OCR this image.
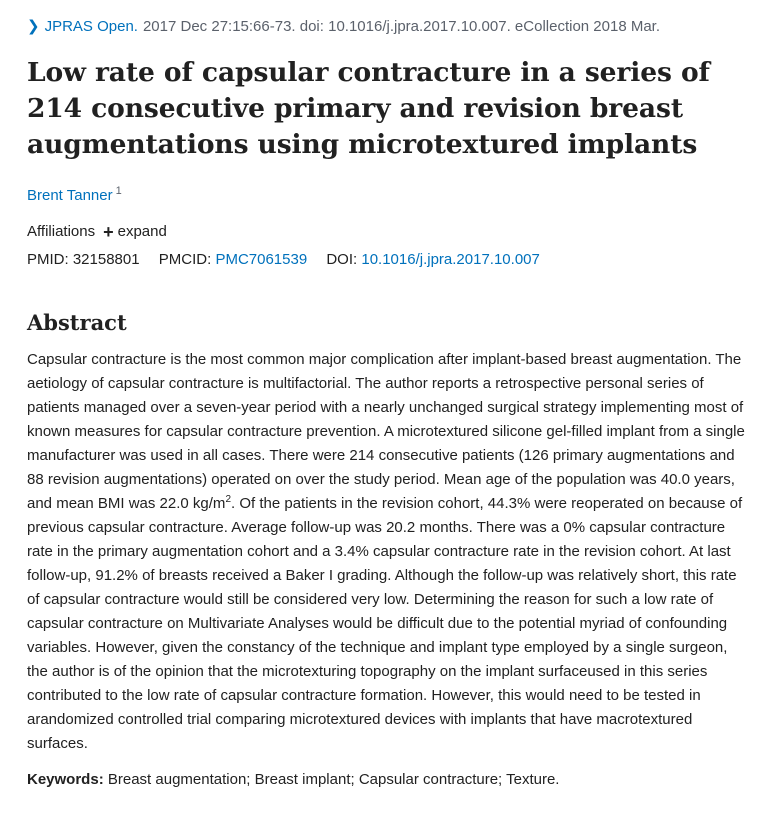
❯ JPRAS Open. 2017 Dec 27:15:66-73. doi: 10.1016/j.jpra.2017.10.007. eCollection 2018 Mar.
Low rate of capsular contracture in a series of 214 consecutive primary and revision breast augmentations using microtextured implants
Brent Tanner $^1$
Affiliations + expand
PMID: 32158801 PMCID: PMC7061539 DOI: 10.1016/j.jpra.2017.10.007
Abstract
Capsular contracture is the most common major complication after implant-based breast augmentation. The aetiology of capsular contracture is multifactorial. The author reports a retrospective personal series of patients managed over a seven-year period with a nearly unchanged surgical strategy implementing most of known measures for capsular contracture prevention. A microtextured silicone gel-filled implant from a single manufacturer was used in all cases. There were 214 consecutive patients (126 primary augmentations and 88 revision augmentations) operated on over the study period. Mean age of the population was 40.0 years, and mean BMI was 22.0 $kg/m^2$. Of the patients in the revision cohort, 44.3% were reoperated on because of previous capsular contracture. Average follow-up was 20.2 months. There was a 0% capsular contracture rate in the primary augmentation cohort and a 3.4% capsular contracture rate in the revision cohort. At last follow-up, 91.2% of breasts received a Baker I grading. Although the follow-up was relatively short, this rate of capsular contracture would still be considered very low. Determining the reason for such a low rate of capsular contracture on Multivariate Analyses would be difficult due to the potential myriad of confounding variables. However, given the constancy of the technique and implant type employed by a single surgeon, the author is of the opinion that the microtexturing topography on the implant surfaceused in this series contributed to the low rate of capsular contracture formation. However, this would need to be tested in arandomized controlled trial comparing microtextured devices with implants that have macrotextured surfaces.
Keywords: Breast augmentation; Breast implant; Capsular contracture; Texture.
